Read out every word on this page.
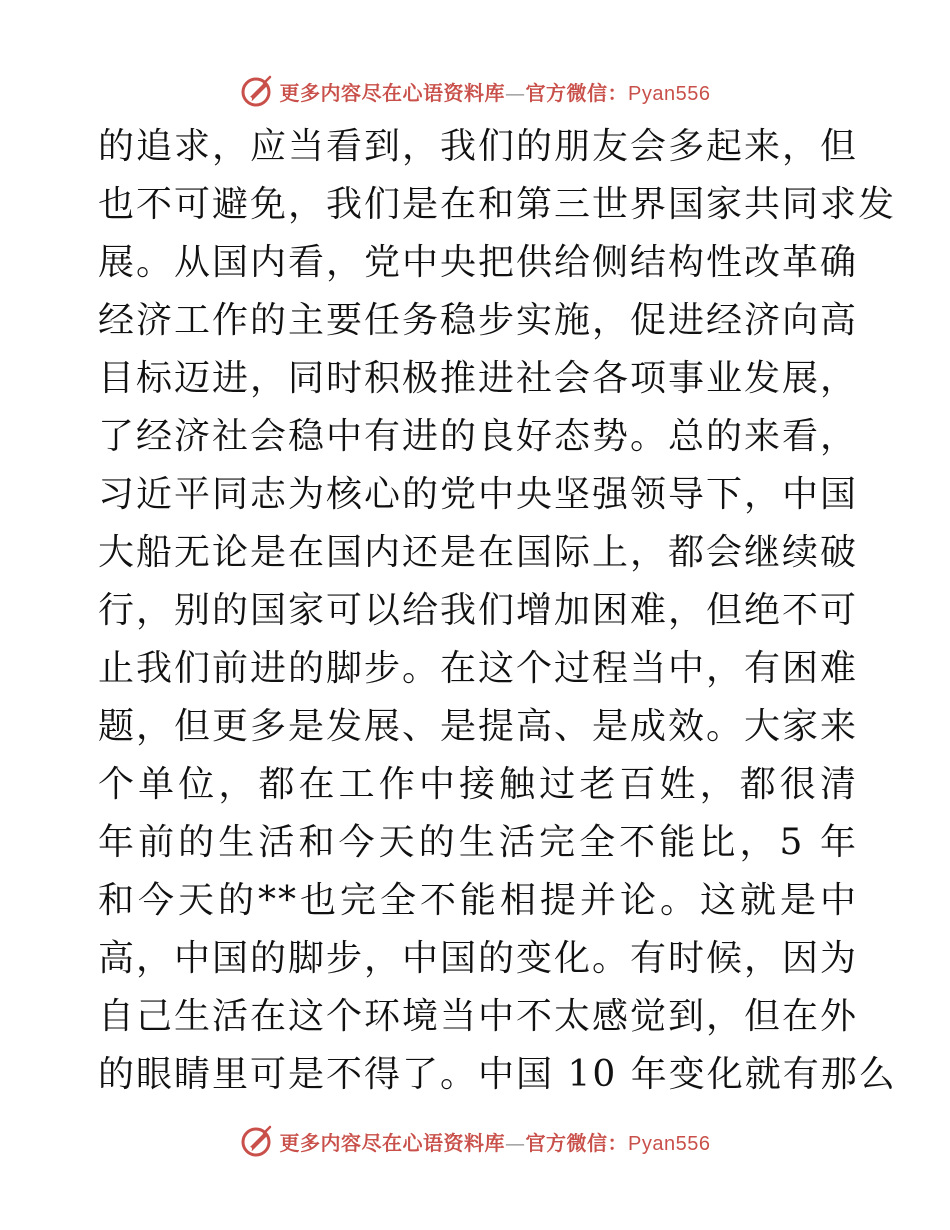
更多内容尽在心语资料库—官方微信：Pyan556
的追求，应当看到，我们的朋友会多起来，但
也不可避免，我们是在和第三世界国家共同求发
展。从国内看，党中央把供给侧结构性改革确
经济工作的主要任务稳步实施，促进经济向高
目标迈进，同时积极推进社会各项事业发展，
了经济社会稳中有进的良好态势。总的来看，
习近平同志为核心的党中央坚强领导下，中国
大船无论是在国内还是在国际上，都会继续破
行，别的国家可以给我们增加困难，但绝不可
止我们前进的脚步。在这个过程当中，有困难
题，但更多是发展、是提高、是成效。大家来
个单位，都在工作中接触过老百姓，都很清
年前的生活和今天的生活完全不能比，5 年
和今天的**也完全不能相提并论。这就是中
高，中国的脚步，中国的变化。有时候，因为
自己生活在这个环境当中不太感觉到，但在外
的眼睛里可是不得了。中国 10 年变化就有那么
更多内容尽在心语资料库—官方微信：Pyan556
